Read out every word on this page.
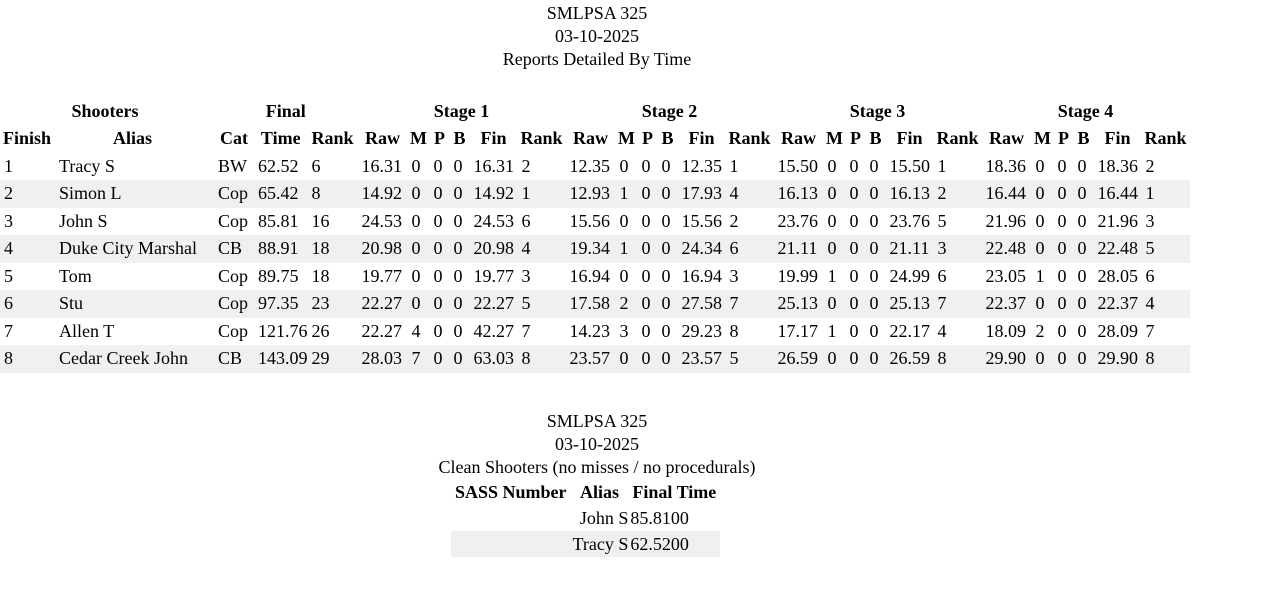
SMLPSA 325
03-10-2025
Reports Detailed By Time
Shooters			Final			Stage 1						Stage 2						Stage 3						Stage 4					
Finish	Alias		Cat	Time	Rank	Raw	M	P	B	Fin	Rank	Raw	M	P	B	Fin	Rank	Raw	M	P	B	Fin	Rank	Raw	M	P	B	Fin	Rank
1	Tracy S		BW	62.52	6	16.31	0	0	0	16.31	2	12.35	0	0	0	12.35	1	15.50	0	0	0	15.50	1	18.36	0	0	0	18.36	2
2	Simon L		Cop	65.42	8	14.92	0	0	0	14.92	1	12.93	1	0	0	17.93	4	16.13	0	0	0	16.13	2	16.44	0	0	0	16.44	1
3	John S		Cop	85.81	16	24.53	0	0	0	24.53	6	15.56	0	0	0	15.56	2	23.76	0	0	0	23.76	5	21.96	0	0	0	21.96	3
4	Duke City Marshal		CB	88.91	18	20.98	0	0	0	20.98	4	19.34	1	0	0	24.34	6	21.11	0	0	0	21.11	3	22.48	0	0	0	22.48	5
5	Tom		Cop	89.75	18	19.77	0	0	0	19.77	3	16.94	0	0	0	16.94	3	19.99	1	0	0	24.99	6	23.05	1	0	0	28.05	6
6	Stu		Cop	97.35	23	22.27	0	0	0	22.27	5	17.58	2	0	0	27.58	7	25.13	0	0	0	25.13	7	22.37	0	0	0	22.37	4
7	Allen T		Cop	121.76	26	22.27	4	0	0	42.27	7	14.23	3	0	0	29.23	8	17.17	1	0	0	22.17	4	18.09	2	0	0	28.09	7
8	Cedar Creek John		CB	143.09	29	28.03	7	0	0	63.03	8	23.57	0	0	0	23.57	5	26.59	0	0	0	26.59	8	29.90	0	0	0	29.90	8
SMLPSA 325
03-10-2025
Clean Shooters (no misses / no procedurals)
SASS Number	Alias	Final Time
	John S	85.8100
	Tracy S	62.5200
